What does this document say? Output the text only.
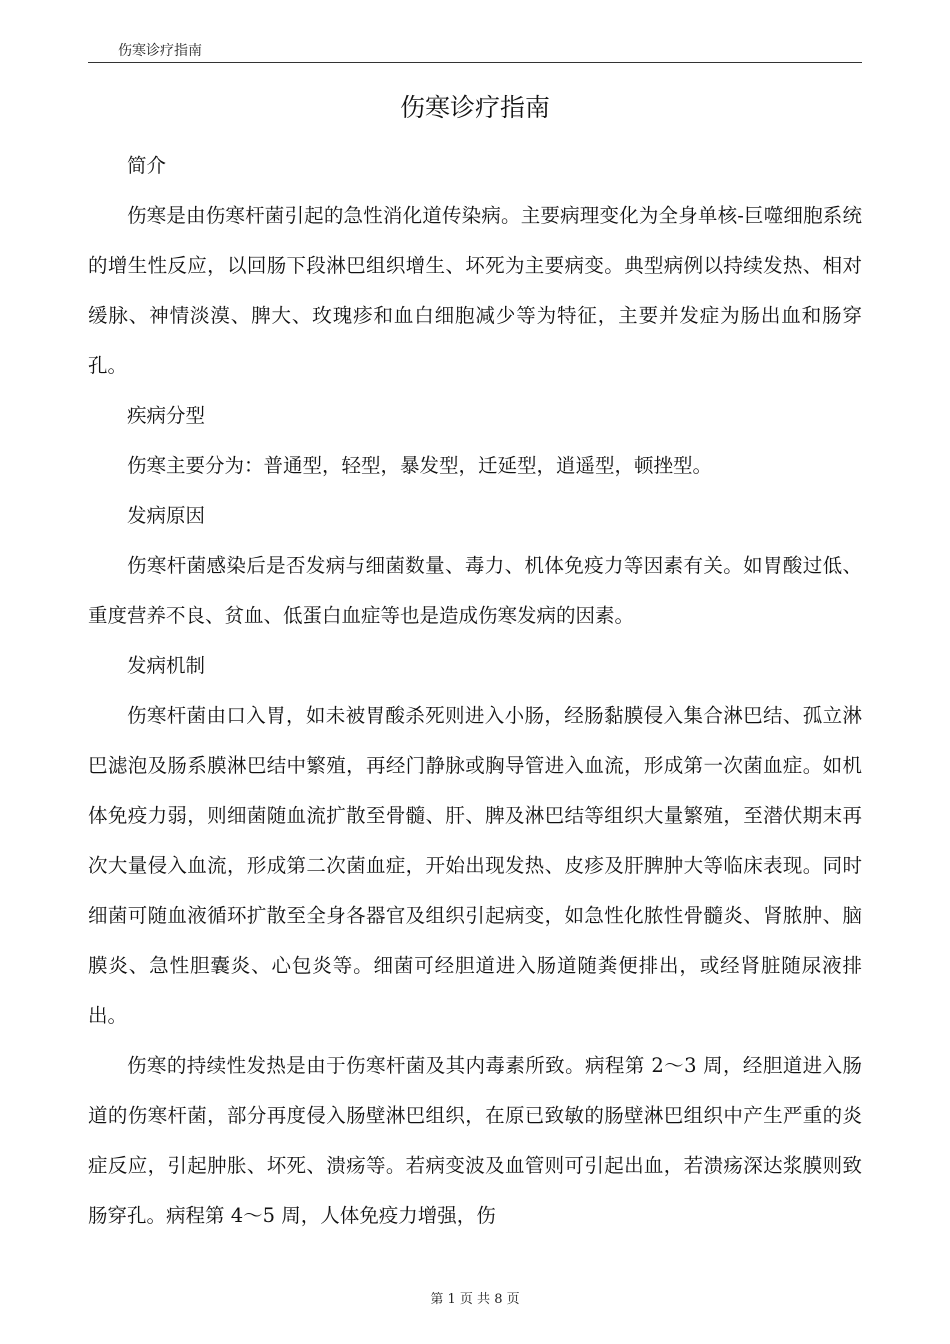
伤寒诊疗指南
伤寒诊疗指南

简介

伤寒是由伤寒杆菌引起的急性消化道传染病。主要病理变化为全身单核-巨噬细胞系统的增生性反应，以回肠下段淋巴组织增生、坏死为主要病变。典型病例以持续发热、相对缓脉、神情淡漠、脾大、玫瑰疹和血白细胞减少等为特征，主要并发症为肠出血和肠穿孔。

疾病分型

伤寒主要分为：普通型，轻型，暴发型，迁延型，逍遥型，顿挫型。

发病原因

伤寒杆菌感染后是否发病与细菌数量、毒力、机体免疫力等因素有关。如胃酸过低、重度营养不良、贫血、低蛋白血症等也是造成伤寒发病的因素。

发病机制

伤寒杆菌由口入胃，如未被胃酸杀死则进入小肠，经肠黏膜侵入集合淋巴结、孤立淋巴滤泡及肠系膜淋巴结中繁殖，再经门静脉或胸导管进入血流，形成第一次菌血症。如机体免疫力弱，则细菌随血流扩散至骨髓、肝、脾及淋巴结等组织大量繁殖，至潜伏期末再次大量侵入血流，形成第二次菌血症，开始出现发热、皮疹及肝脾肿大等临床表现。同时细菌可随血液循环扩散至全身各器官及组织引起病变，如急性化脓性骨髓炎、肾脓肿、脑膜炎、急性胆囊炎、心包炎等。细菌可经胆道进入肠道随粪便排出，或经肾脏随尿液排出。

伤寒的持续性发热是由于伤寒杆菌及其内毒素所致。病程第 2～3 周，经胆道进入肠道的伤寒杆菌，部分再度侵入肠壁淋巴组织，在原已致敏的肠壁淋巴组织中产生严重的炎症反应，引起肿胀、坏死、溃疡等。若病变波及血管则可引起出血，若溃疡深达浆膜则致肠穿孔。病程第 4～5 周，人体免疫力增强，伤

第 1 页 共 8 页
